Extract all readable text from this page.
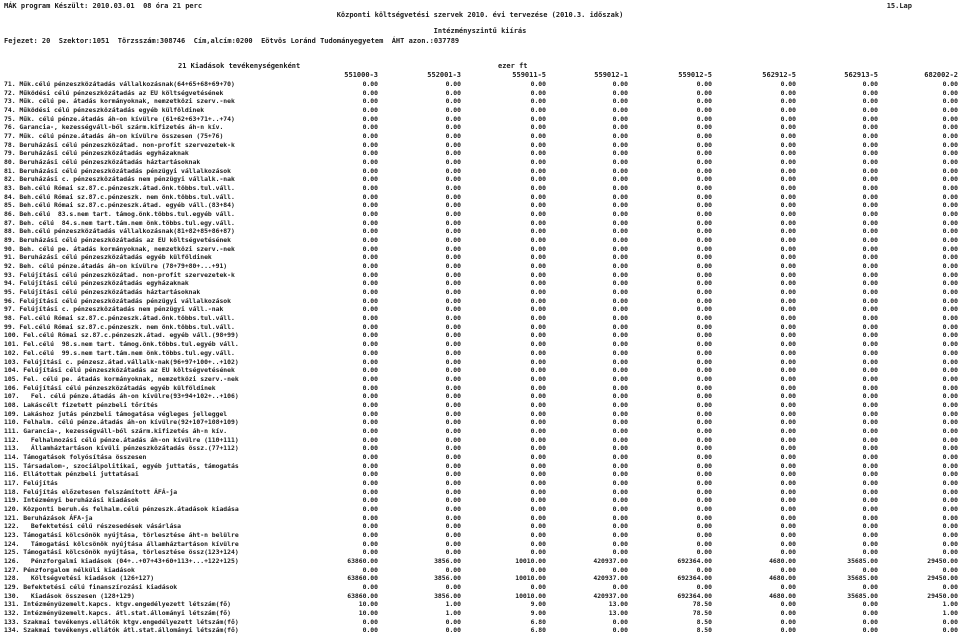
MÁK program Készült: 2010.03.01  08 óra 21 perc

	15.Lap

Központi költségvetési szervek 2010. évi tervezése (2010.3. időszak)

Intézményszintű kiírás

Fejezet: 20  Szektor:1051  Törzsszám:308746  Cím,alcím:0200  Eötvös Loránd Tudományegyetem  ÁHT azon.:037789

21 Kiadások tevékenységenként	ezer ft
551000-3	552001-3	559011-5	559012-1	559012-5	562912-5	562913-5	682002-2
71. Műk.célú pénzeszközátadás vállalkozásnak(64+65+68+69+70)	0.00	0.00	0.00	0.00	0.00	0.00	0.00	0.00
72. Működési célú pénzeszközátadás az EU költségvetésének	0.00	0.00	0.00	0.00	0.00	0.00	0.00	0.00
73. Műk. célú pe. átadás kormányoknak, nemzetközi szerv.-nek	0.00	0.00	0.00	0.00	0.00	0.00	0.00	0.00
74. Működési célú pénzeszközátadás egyéb külföldinek	0.00	0.00	0.00	0.00	0.00	0.00	0.00	0.00
75. Műk. célú pénze.átadás áh-on kívülre (61+62+63+71+..+74)	0.00	0.00	0.00	0.00	0.00	0.00	0.00	0.00
76. Garancia-, kezességváll-ból szárm.kifizetés áh-n kív.	0.00	0.00	0.00	0.00	0.00	0.00	0.00	0.00
77. Műk. célú pénze.átadás áh-on kívülre összesen (75+76)	0.00	0.00	0.00	0.00	0.00	0.00	0.00	0.00
78. Beruházási célú pénzeszközátad. non-profit szervezetek-k	0.00	0.00	0.00	0.00	0.00	0.00	0.00	0.00
79. Beruházási célú pénzeszközátadás egyházaknak	0.00	0.00	0.00	0.00	0.00	0.00	0.00	0.00
80. Beruházási célú pénzeszközátadás háztartásoknak	0.00	0.00	0.00	0.00	0.00	0.00	0.00	0.00
81. Beruházási célú pénzeszközátadás pénzügyi vállalkozások	0.00	0.00	0.00	0.00	0.00	0.00	0.00	0.00
82. Beruházási c. pénzeszközátadás nem pénzügyi vállalk.-nak	0.00	0.00	0.00	0.00	0.00	0.00	0.00	0.00
83. Beh.célú Római sz.87.c.pénzeszk.átad.önk.többs.tul.váll.	0.00	0.00	0.00	0.00	0.00	0.00	0.00	0.00
84. Beh.célú Római sz.87.c.pénzeszk. nem önk.többs.tul.váll.	0.00	0.00	0.00	0.00	0.00	0.00	0.00	0.00
85. Beh.célú Római sz.87.c.pénzeszk.átad. egyéb váll.(83+84)	0.00	0.00	0.00	0.00	0.00	0.00	0.00	0.00
86. Beh.célú  83.s.nem tart. támog.önk.többs.tul.egyéb váll.	0.00	0.00	0.00	0.00	0.00	0.00	0.00	0.00
87. Beh. célú  84.s.nem tart.tám.nem önk.többs.tul.egy.váll.	0.00	0.00	0.00	0.00	0.00	0.00	0.00	0.00
88. Beh.célú pénzeszközátadás vállalkozásnak(81+82+85+86+87)	0.00	0.00	0.00	0.00	0.00	0.00	0.00	0.00
89. Beruházási célú pénzeszközátadás az EU költségvetésének	0.00	0.00	0.00	0.00	0.00	0.00	0.00	0.00
90. Beh. célú pe. átadás kormányoknak, nemzetközi szerv.-nek	0.00	0.00	0.00	0.00	0.00	0.00	0.00	0.00
91. Beruházási célú pénzeszközátadás egyéb külföldinek	0.00	0.00	0.00	0.00	0.00	0.00	0.00	0.00
92. Beh. célú pénze.átadás áh-on kívülre (78+79+80+...+91)	0.00	0.00	0.00	0.00	0.00	0.00	0.00	0.00
93. Felújítási célú pénzeszközátad. non-profit szervezetek-k	0.00	0.00	0.00	0.00	0.00	0.00	0.00	0.00
94. Felújítási célú pénzeszközátadás egyházaknak	0.00	0.00	0.00	0.00	0.00	0.00	0.00	0.00
95. Felújítási célú pénzeszközátadás háztartásoknak	0.00	0.00	0.00	0.00	0.00	0.00	0.00	0.00
96. Felújítási célú pénzeszközátadás pénzügyi vállalkozások	0.00	0.00	0.00	0.00	0.00	0.00	0.00	0.00
97. Felújítási c. pénzeszközátadás nem pénzügyi váll.-nak	0.00	0.00	0.00	0.00	0.00	0.00	0.00	0.00
98. Fel.célú Római sz.87.c.pénzeszk.átad.önk.többs.tul.váll.	0.00	0.00	0.00	0.00	0.00	0.00	0.00	0.00
99. Fel.célú Római sz.87.c.pénzeszk. nem önk.többs.tul.váll.	0.00	0.00	0.00	0.00	0.00	0.00	0.00	0.00
100. Fel.célú Római sz.87.c.pénzeszk.átad. egyéb váll.(98+99)	0.00	0.00	0.00	0.00	0.00	0.00	0.00	0.00
101. Fel.célú  98.s.nem tart. támog.önk.többs.tul.egyéb váll.	0.00	0.00	0.00	0.00	0.00	0.00	0.00	0.00
102. Fel.célú  99.s.nem tart.tám.nem önk.többs.tul.egy.váll.	0.00	0.00	0.00	0.00	0.00	0.00	0.00	0.00
103. Felújítási c. pénzesz.átad.vállalk-nak(96+97+100+..+102)	0.00	0.00	0.00	0.00	0.00	0.00	0.00	0.00
104. Felújítási célú pénzeszközátadás az EU költségvetésének	0.00	0.00	0.00	0.00	0.00	0.00	0.00	0.00
105. Fel. célú pe. átadás kormányoknak, nemzetközi szerv.-nek	0.00	0.00	0.00	0.00	0.00	0.00	0.00	0.00
106. Felújítási célú pénzeszközátadás egyéb külföldinek	0.00	0.00	0.00	0.00	0.00	0.00	0.00	0.00
107.   Fel. célú pénze.átadás áh-on kívülre(93+94+102+..+106)	0.00	0.00	0.00	0.00	0.00	0.00	0.00	0.00
108. Lakáscélt fizetett pénzbeli tőrítés	0.00	0.00	0.00	0.00	0.00	0.00	0.00	0.00
109. Lakáshoz jutás pénzbeli támogatása végleges jelleggel	0.00	0.00	0.00	0.00	0.00	0.00	0.00	0.00
110. Felhalm. célú pénze.átadás áh-on kívülre(92+107+108+109)	0.00	0.00	0.00	0.00	0.00	0.00	0.00	0.00
111. Garancia-, kezességváll-ból szárm.kifizetés áh-n kív.	0.00	0.00	0.00	0.00	0.00	0.00	0.00	0.00
112.   Felhalmozási célú pénze.átadás áh-on kívülre (110+111)	0.00	0.00	0.00	0.00	0.00	0.00	0.00	0.00
113.   Államháztartáson kívüli pénzeszközátadás össz.(77+112)	0.00	0.00	0.00	0.00	0.00	0.00	0.00	0.00
114. Támogatások folyósítása összesen	0.00	0.00	0.00	0.00	0.00	0.00	0.00	0.00
115. Társadalom-, szociálpolitikai, egyéb juttatás, támogatás	0.00	0.00	0.00	0.00	0.00	0.00	0.00	0.00
116. Ellátottak pénzbeli juttatásai	0.00	0.00	0.00	0.00	0.00	0.00	0.00	0.00
117. Felújítás	0.00	0.00	0.00	0.00	0.00	0.00	0.00	0.00
118. Felújítás előzetesen felszámított ÁFÁ-ja	0.00	0.00	0.00	0.00	0.00	0.00	0.00	0.00
119. Intézményi beruházási kiadások	0.00	0.00	0.00	0.00	0.00	0.00	0.00	0.00
120. Központi beruh.és felhalm.célú pénzeszk.átadások kiadása	0.00	0.00	0.00	0.00	0.00	0.00	0.00	0.00
121. Beruházások ÁFA-ja	0.00	0.00	0.00	0.00	0.00	0.00	0.00	0.00
122.   Befektetési célú részesedések vásárlása	0.00	0.00	0.00	0.00	0.00	0.00	0.00	0.00
123. Támogatási kölcsönök nyújtása, törlesztése áht-n belülre	0.00	0.00	0.00	0.00	0.00	0.00	0.00	0.00
124.   Támogatási kölcsönök nyújtása államháztartáson kívülre	0.00	0.00	0.00	0.00	0.00	0.00	0.00	0.00
125. Támogatási kölcsönök nyújtása, törlesztése össz(123+124)	0.00	0.00	0.00	0.00	0.00	0.00	0.00	0.00
126.   Pénzforgalmi kiadások (04+..+07+43+60+113+...+122+125)	63860.00	3856.00	10010.00	420937.00	692364.00	4680.00	35685.00	29450.00
127. Pénzforgalom nélküli kiadások	0.00	0.00	0.00	0.00	0.00	0.00	0.00	0.00
128.   Költségvetési kiadások (126+127)	63860.00	3856.00	10010.00	420937.00	692364.00	4680.00	35685.00	29450.00
129. Befektetési célú finanszírozási kiadások	0.00	0.00	0.00	0.00	0.00	0.00	0.00	0.00
130.   Kiadások összesen (128+129)	63860.00	3856.00	10010.00	420937.00	692364.00	4680.00	35685.00	29450.00
131. Intézményüzemelt.kapcs. ktgv.engedélyezett létszám(fő)	10.00	1.00	9.00	13.00	78.50	0.00	0.00	1.00
132. Intézményüzemelt.kapcs. átl.stat.állományi létszám(fő)	10.00	1.00	9.00	13.00	78.50	0.00	0.00	1.00
133. Szakmai tevékenys.ellátók ktgv.engedélyezett létszám(fő)	0.00	0.00	6.80	0.00	8.50	0.00	0.00	0.00
134. Szakmai tevékenys.ellátók átl.stat.állományi létszám(fő)	0.00	0.00	6.80	0.00	8.50	0.00	0.00	0.00
